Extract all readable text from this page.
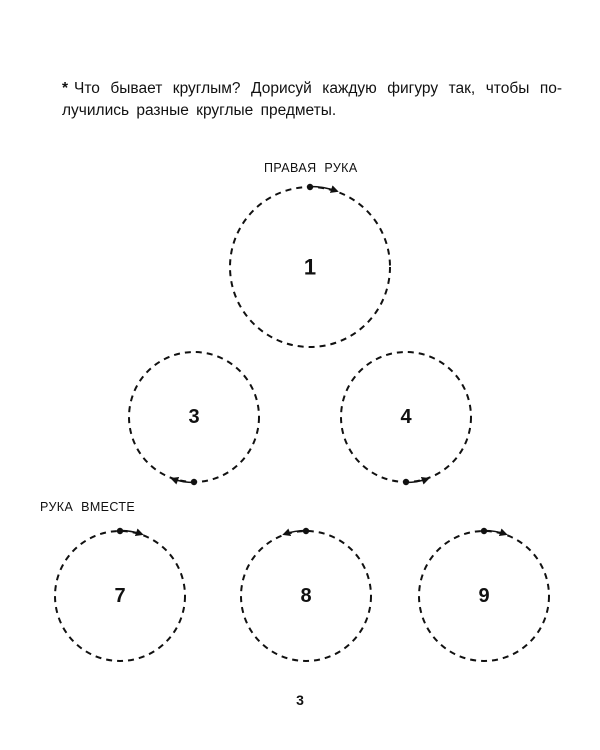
* Что бывает круглым? Дорисуй каждую фигуру так, чтобы по-
лучились разные круглые предметы.
ПРАВАЯ РУКА
РУКА ВМЕСТЕ
1
3	4
7	8	9
3
